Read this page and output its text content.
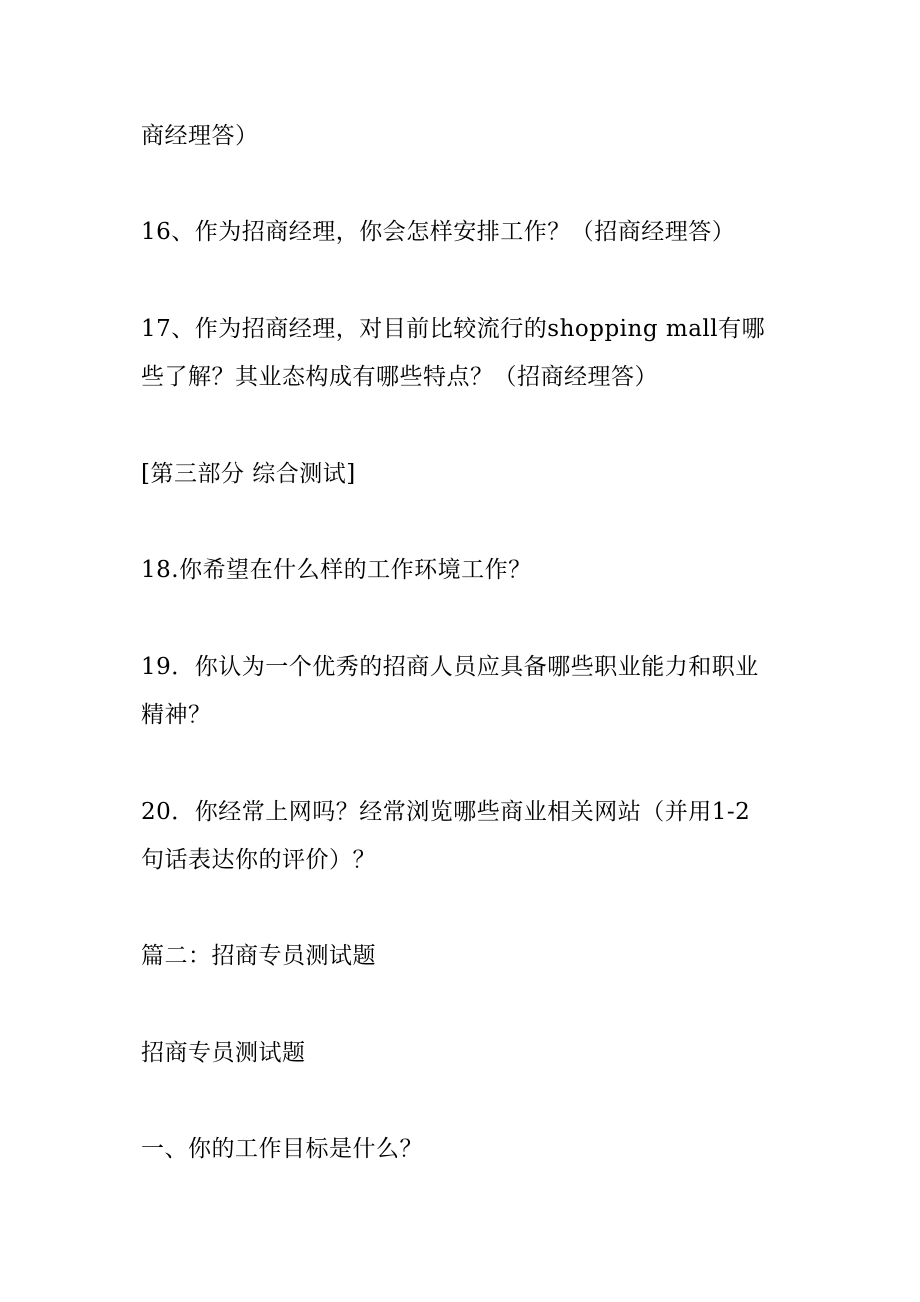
商经理答）
16、作为招商经理，你会怎样安排工作？（招商经理答）
17、作为招商经理，对目前比较流行的shopping mall有哪
些了解？其业态构成有哪些特点？（招商经理答）
[第三部分 综合测试]
18.你希望在什么样的工作环境工作？
19．你认为一个优秀的招商人员应具备哪些职业能力和职业
精神？
20．你经常上网吗？经常浏览哪些商业相关网站（并用1-2
句话表达你的评价）？
篇二：招商专员测试题
招商专员测试题
一、你的工作目标是什么？
